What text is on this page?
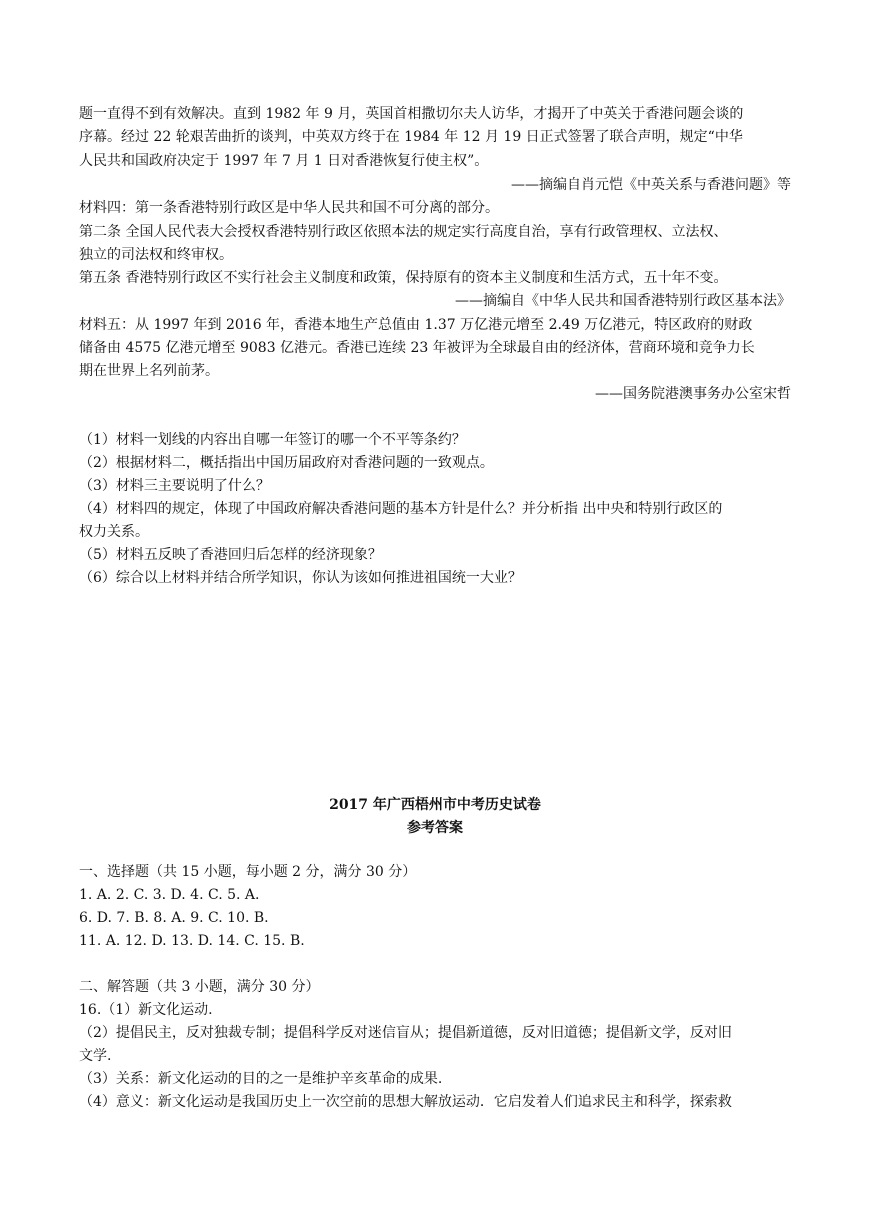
题一直得不到有效解决。直到 1982 年 9 月，英国首相撒切尔夫人访华，才揭开了中英关于香港问题会谈的
序幕。经过 22 轮艰苦曲折的谈判，中英双方终于在 1984 年 12 月 19 日正式签署了联合声明，规定“中华
人民共和国政府决定于 1997 年 7 月 1 日对香港恢复行使主权”。
——摘编自肖元恺《中英关系与香港问题》等
材料四：第一条香港特别行政区是中华人民共和国不可分离的部分。
第二条 全国人民代表大会授权香港特别行政区依照本法的规定实行高度自治，享有行政管理权、立法权、
独立的司法权和终审权。
第五条 香港特别行政区不实行社会主义制度和政策，保持原有的资本主义制度和生活方式，五十年不变。
——摘编自《中华人民共和国香港特别行政区基本法》
材料五：从 1997 年到 2016 年，香港本地生产总值由 1.37 万亿港元增至 2.49 万亿港元，特区政府的财政
储备由 4575 亿港元增至 9083 亿港元。香港已连续 23 年被评为全球最自由的经济体，营商环境和竞争力长
期在世界上名列前茅。
——国务院港澳事务办公室宋哲
（1）材料一划线的内容出自哪一年签订的哪一个不平等条约？
（2）根据材料二，概括指出中国历届政府对香港问题的一致观点。
（3）材料三主要说明了什么？
（4）材料四的规定，体现了中国政府解决香港问题的基本方针是什么？并分析指 出中央和特别行政区的
权力关系。
（5）材料五反映了香港回归后怎样的经济现象？
（6）综合以上材料并结合所学知识，你认为该如何推进祖国统一大业？
2017 年广西梧州市中考历史试卷
参考答案
一、选择题（共 15 小题，每小题 2 分，满分 30 分）
1. A. 2. C. 3. D. 4. C. 5. A.
6. D. 7. B. 8. A. 9. C. 10. B.
11. A. 12. D. 13. D. 14. C. 15. B.
二、解答题（共 3 小题，满分 30 分）
16.（1）新文化运动.
（2）提倡民主，反对独裁专制；提倡科学反对迷信盲从；提倡新道德，反对旧道德；提倡新文学，反对旧
文学.
（3）关系：新文化运动的目的之一是维护辛亥革命的成果.
（4）意义：新文化运动是我国历史上一次空前的思想大解放运动．它启发着人们追求民主和科学，探索救
